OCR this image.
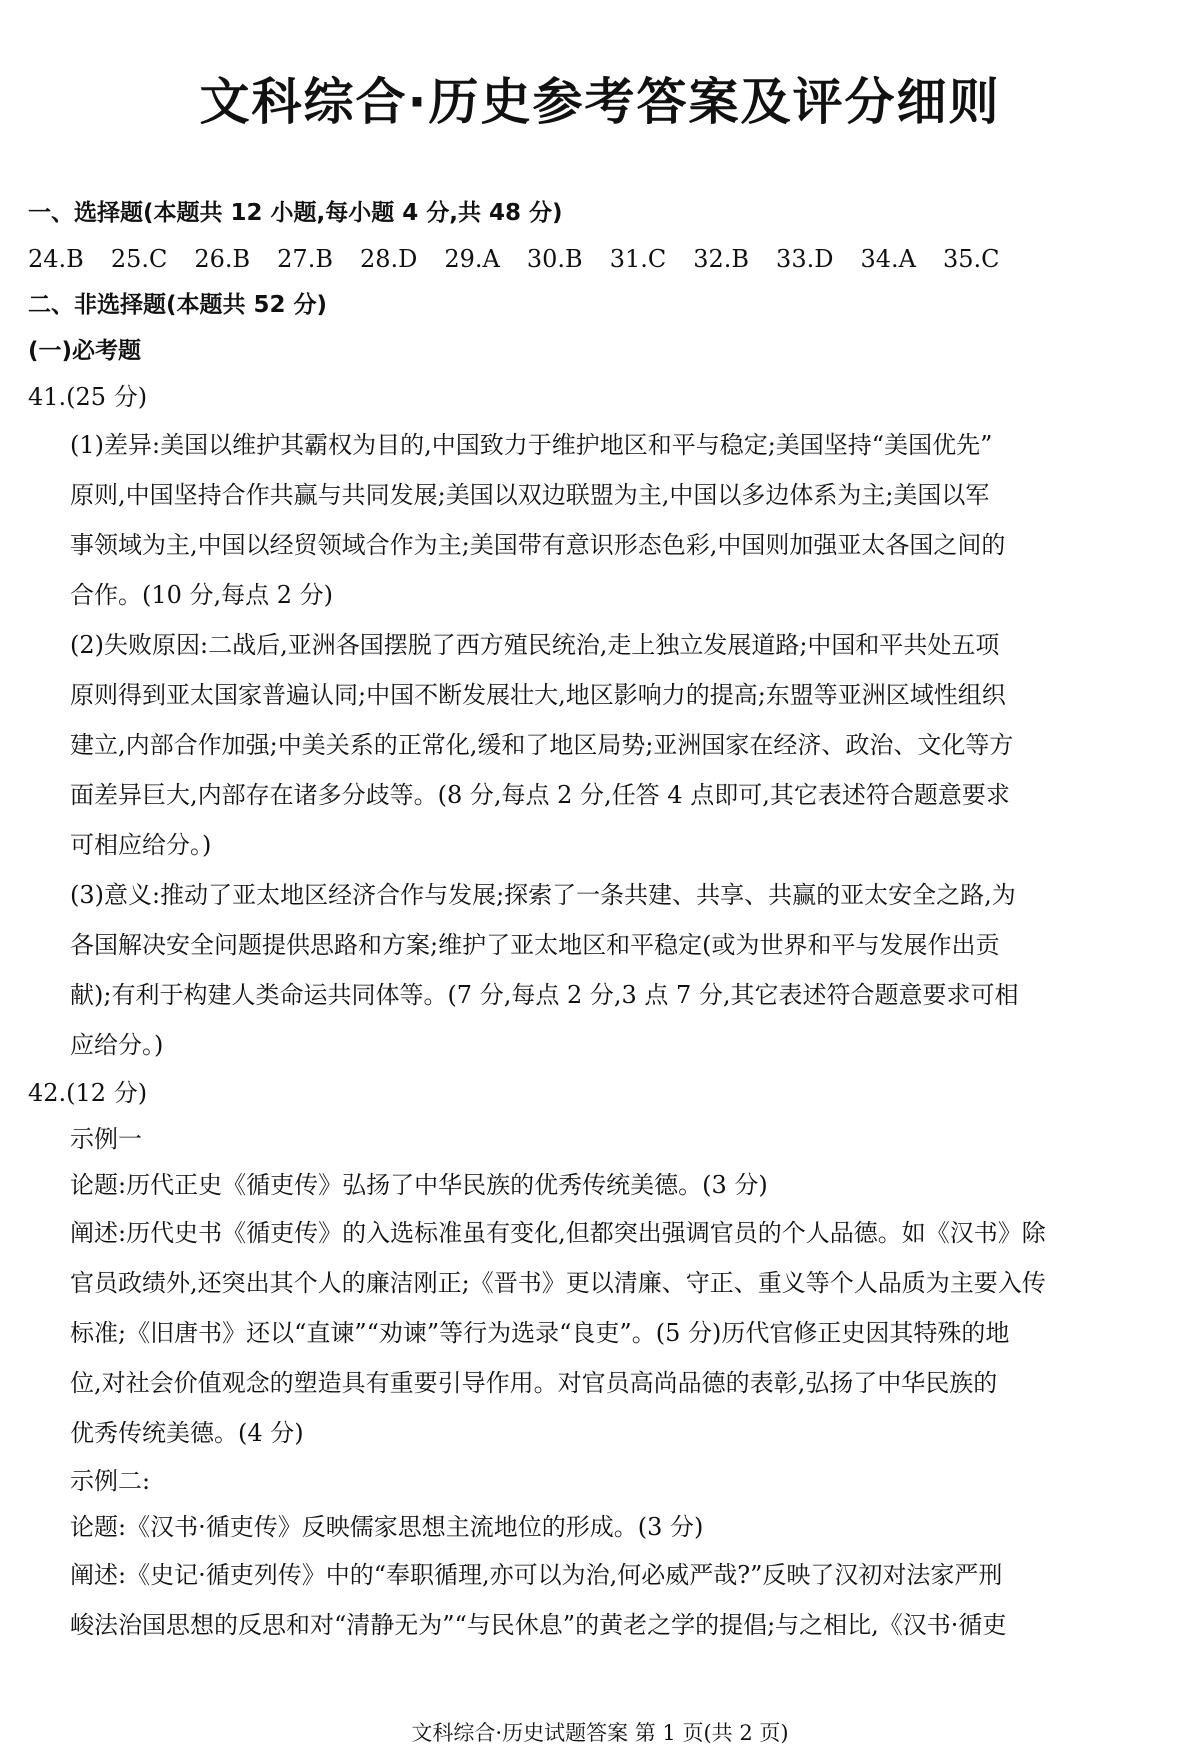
文科综合·历史参考答案及评分细则
一、选择题(本题共 12 小题,每小题 4 分,共 48 分)
24.B 25.C 26.B 27.B 28.D 29.A 30.B 31.C 32.B 33.D 34.A 35.C
二、非选择题(本题共 52 分)
(一)必考题
41.(25 分)
(1)差异:美国以维护其霸权为目的,中国致力于维护地区和平与稳定;美国坚持“美国优先”
原则,中国坚持合作共赢与共同发展;美国以双边联盟为主,中国以多边体系为主;美国以军
事领域为主,中国以经贸领域合作为主;美国带有意识形态色彩,中国则加强亚太各国之间的
合作。(10 分,每点 2 分)
(2)失败原因:二战后,亚洲各国摆脱了西方殖民统治,走上独立发展道路;中国和平共处五项
原则得到亚太国家普遍认同;中国不断发展壮大,地区影响力的提高;东盟等亚洲区域性组织
建立,内部合作加强;中美关系的正常化,缓和了地区局势;亚洲国家在经济、政治、文化等方
面差异巨大,内部存在诸多分歧等。(8 分,每点 2 分,任答 4 点即可,其它表述符合题意要求
可相应给分。)
(3)意义:推动了亚太地区经济合作与发展;探索了一条共建、共享、共赢的亚太安全之路,为
各国解决安全问题提供思路和方案;维护了亚太地区和平稳定(或为世界和平与发展作出贡
献);有利于构建人类命运共同体等。(7 分,每点 2 分,3 点 7 分,其它表述符合题意要求可相
应给分。)
42.(12 分)
示例一
论题:历代正史《循吏传》弘扬了中华民族的优秀传统美德。(3 分)
阐述:历代史书《循吏传》的入选标准虽有变化,但都突出强调官员的个人品德。如《汉书》除
官员政绩外,还突出其个人的廉洁刚正;《晋书》更以清廉、守正、重义等个人品质为主要入传
标准;《旧唐书》还以“直谏”“劝谏”等行为选录“良吏”。(5 分)历代官修正史因其特殊的地
位,对社会价值观念的塑造具有重要引导作用。对官员高尚品德的表彰,弘扬了中华民族的
优秀传统美德。(4 分)
示例二:
论题:《汉书·循吏传》反映儒家思想主流地位的形成。(3 分)
阐述:《史记·循吏列传》中的“奉职循理,亦可以为治,何必威严哉?”反映了汉初对法家严刑
峻法治国思想的反思和对“清静无为”“与民休息”的黄老之学的提倡;与之相比,《汉书·循吏
文科综合·历史试题答案 第 1 页(共 2 页)
